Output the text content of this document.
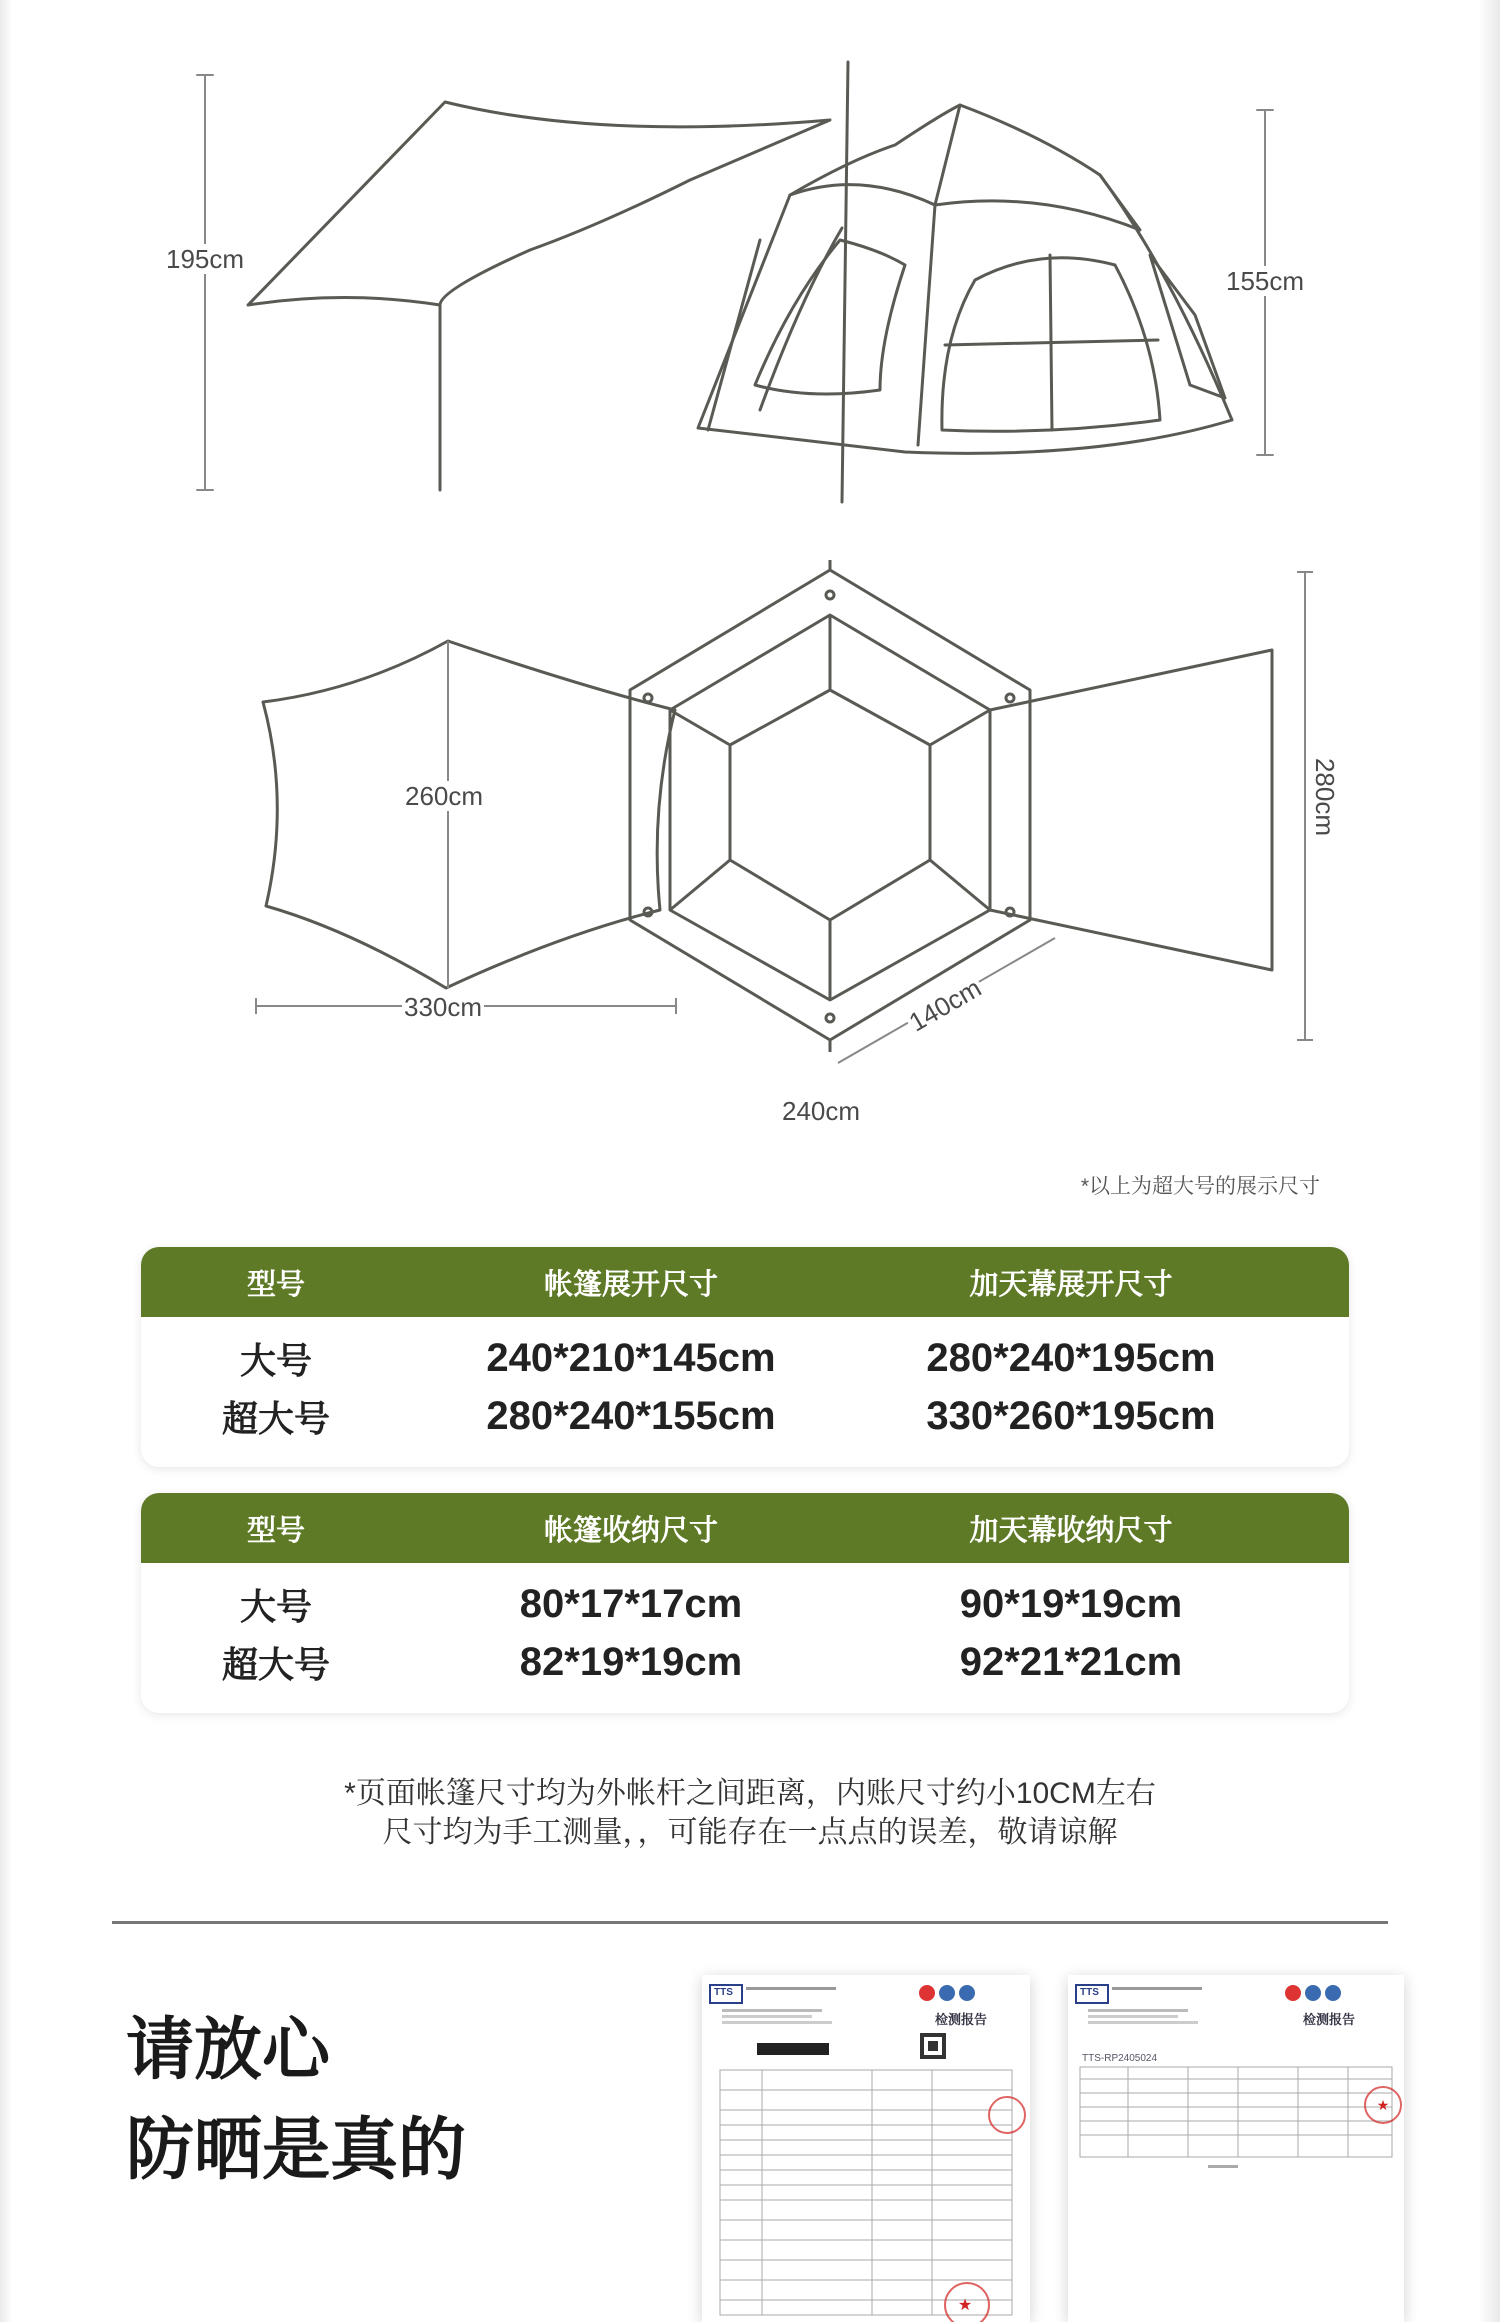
195cm
155cm
260cm
330cm
280cm
140cm
240cm
*以上为超大号的展示尺寸
型号	帐篷展开尺寸	加天幕展开尺寸
大号	240*210*145cm	280*240*195cm
超大号	280*240*155cm	330*260*195cm
型号	帐篷收纳尺寸	加天幕收纳尺寸
大号	80*17*17cm	90*19*19cm
超大号	82*19*19cm	92*21*21cm
*页面帐篷尺寸均为外帐杆之间距离，内账尺寸约小10CM左右
尺寸均为手工测量，，可能存在一点点的误差，敬请谅解
请放心
防晒是真的
★
TTS
检测报告
★
TTS
检测报告
TTS-RP2405024
